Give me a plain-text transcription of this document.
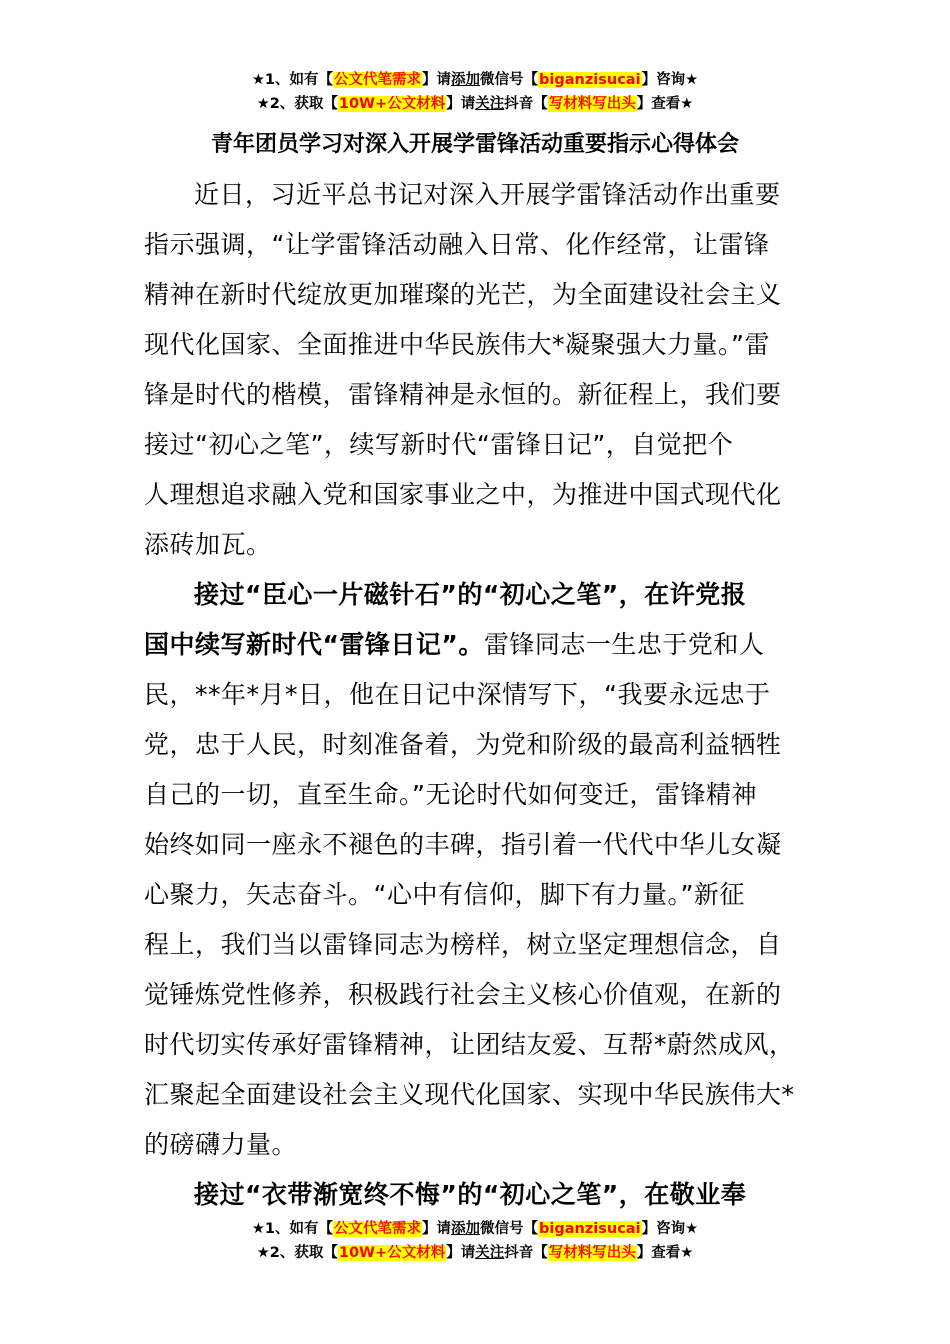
★1、如有【公文代笔需求】请添加微信号【biganzisucai】咨询★
★2、获取【10W+公文材料】请关注抖音【写材料写出头】查看★
青年团员学习对深入开展学雷锋活动重要指示心得体会
近日，习近平总书记对深入开展学雷锋活动作出重要
指示强调，“让学雷锋活动融入日常、化作经常，让雷锋
精神在新时代绽放更加璀璨的光芒，为全面建设社会主义
现代化国家、全面推进中华民族伟大*凝聚强大力量。”雷
锋是时代的楷模，雷锋精神是永恒的。新征程上，我们要
接过“初心之笔”，续写新时代“雷锋日记”，自觉把个
人理想追求融入党和国家事业之中，为推进中国式现代化
添砖加瓦。
接过“臣心一片磁针石”的“初心之笔”，在许党报
国中续写新时代“雷锋日记”。雷锋同志一生忠于党和人
民，**年*月*日，他在日记中深情写下，“我要永远忠于
党，忠于人民，时刻准备着，为党和阶级的最高利益牺牲
自己的一切，直至生命。”无论时代如何变迁，雷锋精神
始终如同一座永不褪色的丰碑，指引着一代代中华儿女凝
心聚力，矢志奋斗。“心中有信仰，脚下有力量。”新征
程上，我们当以雷锋同志为榜样，树立坚定理想信念，自
觉锤炼党性修养，积极践行社会主义核心价值观，在新的
时代切实传承好雷锋精神，让团结友爱、互帮*蔚然成风，
汇聚起全面建设社会主义现代化国家、实现中华民族伟大*
的磅礴力量。
接过“衣带渐宽终不悔”的“初心之笔”，在敬业奉
★1、如有【公文代笔需求】请添加微信号【biganzisucai】咨询★
★2、获取【10W+公文材料】请关注抖音【写材料写出头】查看★
